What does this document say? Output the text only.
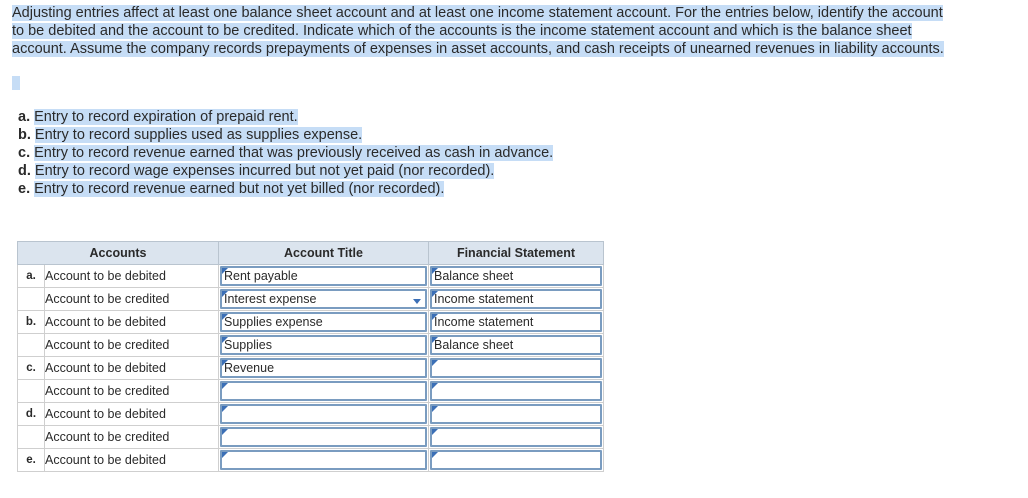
Adjusting entries affect at least one balance sheet account and at least one income statement account. For the entries below, identify the account to be debited and the account to be credited. Indicate which of the accounts is the income statement account and which is the balance sheet account. Assume the company records prepayments of expenses in asset accounts, and cash receipts of unearned revenues in liability accounts.

a. Entry to record expiration of prepaid rent.
b. Entry to record supplies used as supplies expense.
c. Entry to record revenue earned that was previously received as cash in advance.
d. Entry to record wage expenses incurred but not yet paid (nor recorded).
e. Entry to record revenue earned but not yet billed (nor recorded).
Accounts		Account Title	Financial Statement
a.	Account to be debited	Rent payable	Balance sheet

	Account to be credited	Interest expense	Income statement

b.	Account to be debited	Supplies expense	Income statement

	Account to be credited	Supplies	Balance sheet

c.	Account to be debited	Revenue	

	Account to be credited	

d.	Account to be debited	

	Account to be credited	

e.	Account to be debited	
